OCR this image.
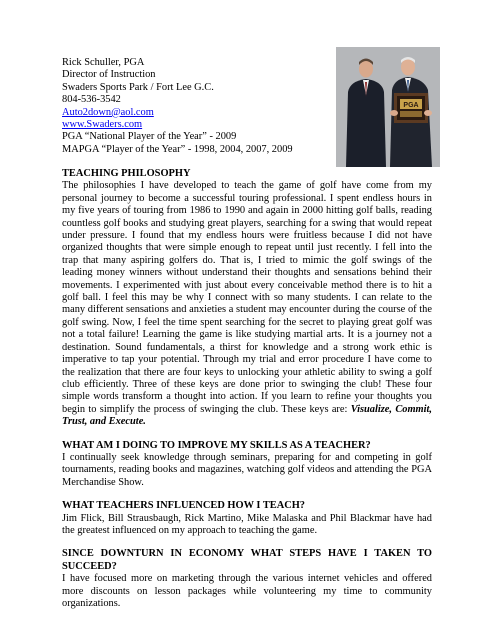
Rick Schuller, PGA
Director of Instruction
Swaders Sports Park / Fort Lee G.C.
804-536-3542
Auto2down@aol.com
www.Swaders.com
PGA “National Player of the Year” - 2009
MAPGA “Player of the Year” - 1998, 2004, 2007, 2009
PGA

TEACHING PHILOSOPHY

The philosophies I have developed to teach the game of golf have come from my personal journey to become a successful touring professional. I spent endless hours in my five years of touring from 1986 to 1990 and again in 2000 hitting golf balls, reading countless golf books and studying great players, searching for a swing that would repeat under pressure. I found that my endless hours were fruitless because I did not have organized thoughts that were simple enough to repeat until just recently. I fell into the trap that many aspiring golfers do. That is, I tried to mimic the golf swings of the leading money winners without understand their thoughts and sensations behind their movements. I experimented with just about every conceivable method there is to hit a golf ball. I feel this may be why I connect with so many students. I can relate to the many different sensations and anxieties a student may encounter during the course of the golf swing. Now, I feel the time spent searching for the secret to playing great golf was not a total failure! Learning the game is like studying martial arts. It is a journey not a destination. Sound fundamentals, a thirst for knowledge and a strong work ethic is imperative to tap your potential. Through my trial and error procedure I have come to the realization that there are four keys to unlocking your athletic ability to swing a golf club efficiently. Three of these keys are done prior to swinging the club! These four simple words transform a thought into action. If you learn to refine your thoughts you begin to simplify the process of swinging the club. These keys are: Visualize, Commit, Trust, and Execute.

WHAT AM I DOING TO IMPROVE MY SKILLS AS A TEACHER?

I continually seek knowledge through seminars, preparing for and competing in golf tournaments, reading books and magazines, watching golf videos and attending the PGA Merchandise Show.

WHAT TEACHERS INFLUENCED HOW I TEACH?

Jim Flick, Bill Strausbaugh, Rick Martino, Mike Malaska and Phil Blackmar have had the greatest influenced on my approach to teaching the game.

SINCE DOWNTURN IN ECONOMY WHAT STEPS HAVE I TAKEN TO SUCCEED?

I have focused more on marketing through the various internet vehicles and offered more discounts on lesson packages while volunteering my time to community organizations.
